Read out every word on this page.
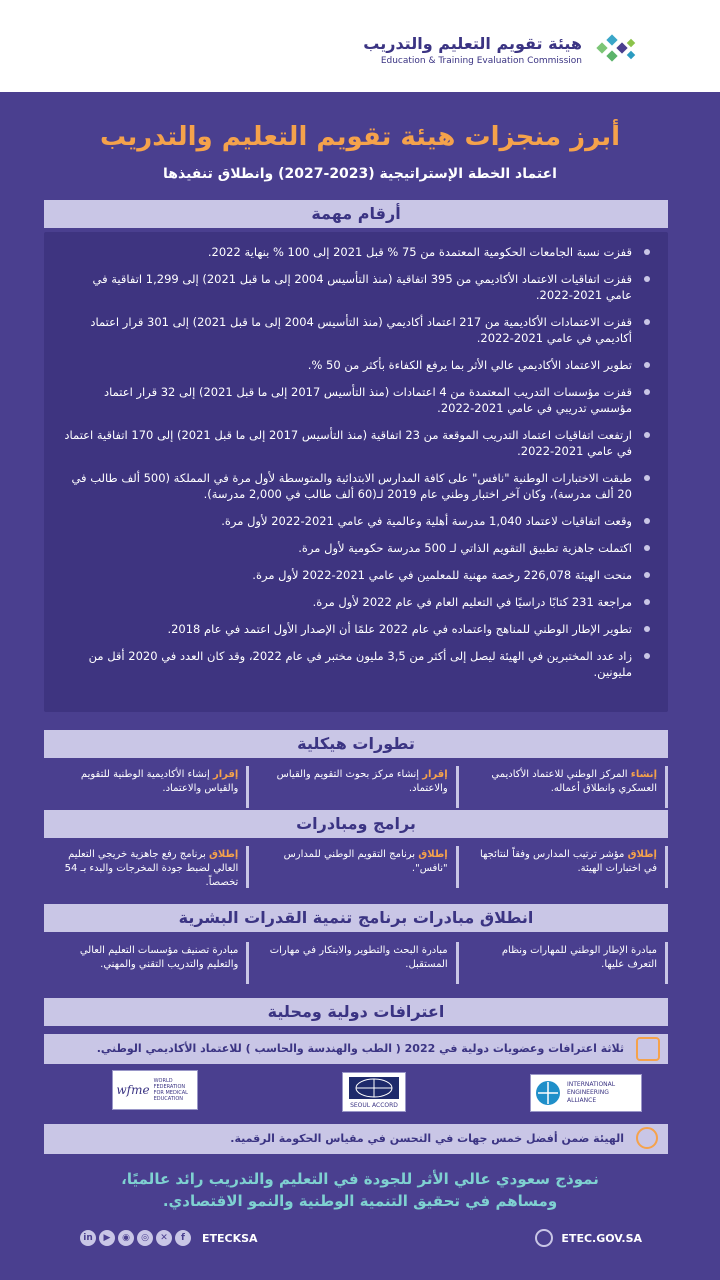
هيئة تقويم التعليم والتدريب
Education & Training Evaluation Commission
أبرز منجزات هيئة تقويم التعليم والتدريب
اعتماد الخطة الإستراتيجية (2023-2027) وانطلاق تنفيذها
أرقام مهمة
قفزت نسبة الجامعات الحكومية المعتمدة من 75 % قبل 2021 إلى 100 % بنهاية 2022.
قفزت اتفاقيات الاعتماد الأكاديمي من 395 اتفاقية (منذ التأسيس 2004 إلى ما قبل 2021) إلى 1,299 اتفاقية في عامي 2021-2022.
قفزت الاعتمادات الأكاديمية من 217 اعتماد أكاديمي (منذ التأسيس 2004 إلى ما قبل 2021) إلى 301 قرار اعتماد أكاديمي في عامي 2021-2022.
تطوير الاعتماد الأكاديمي عالي الأثر بما يرفع الكفاءة بأكثر من 50 %.
قفزت مؤسسات التدريب المعتمدة من 4 اعتمادات (منذ التأسيس 2017 إلى ما قبل 2021) إلى 32 قرار اعتماد مؤسسي تدريبي في عامي 2021-2022.
ارتفعت اتفاقيات اعتماد التدريب الموقعة من 23 اتفاقية (منذ التأسيس 2017 إلى ما قبل 2021) إلى 170 اتفاقية اعتماد في عامي 2021-2022.
طبقت الاختبارات الوطنية "نافس" على كافة المدارس الابتدائية والمتوسطة لأول مرة في المملكة (500 ألف طالب في 20 ألف مدرسة)، وكان آخر اختبار وطني عام 2019 لـ(60 ألف طالب في 2,000 مدرسة).
وقعت اتفاقيات لاعتماد 1,040 مدرسة أهلية وعالمية في عامي 2021-2022 لأول مرة.
اكتملت جاهزية تطبيق التقويم الذاتي لـ 500 مدرسة حكومية لأول مرة.
منحت الهيئة 226,078 رخصة مهنية للمعلمين في عامي 2021-2022 لأول مرة.
مراجعة 231 كتابًا دراسيًا في التعليم العام في عام 2022 لأول مرة.
تطوير الإطار الوطني للمناهج واعتماده في عام 2022 علمًا أن الإصدار الأول اعتمد في عام 2018.
زاد عدد المختبرين في الهيئة ليصل إلى أكثر من 3,5 مليون مختبر في عام 2022، وقد كان العدد في 2020 أقل من مليونين.
تطورات هيكلية
إنشاء المركز الوطني للاعتماد الأكاديمي العسكري وانطلاق أعماله.
إقرار إنشاء مركز بحوث التقويم والقياس والاعتماد.
إقرار إنشاء الأكاديمية الوطنية للتقويم والقياس والاعتماد.
برامج ومبادرات
إطلاق مؤشر ترتيب المدارس وفقاً لنتائجها في اختبارات الهيئة.
إطلاق برنامج التقويم الوطني للمدارس "نافس".
إطلاق برنامج رفع جاهزية خريجي التعليم العالي لضبط جودة المخرجات والبدء بـ 54 تخصصاً.
انطلاق مبادرات برنامج تنمية القدرات البشرية
مبادرة الإطار الوطني للمهارات ونظام التعرف عليها.
مبادرة البحث والتطوير والابتكار في مهارات المستقبل.
مبادرة تصنيف مؤسسات التعليم العالي والتعليم والتدريب التقني والمهني.
اعترافات دولية ومحلية
ثلاثة اعترافات وعضويات دولية في 2022 ( الطب والهندسة والحاسب ) للاعتماد الأكاديمي الوطني.
wfme
WORLD FEDERATION FOR MEDICAL EDUCATION
SEOUL ACCORD
INTERNATIONAL ENGINEERING ALLIANCE
الهيئة ضمن أفضل خمس جهات في التحسن في مقياس الحكومة الرقمية.
نموذج سعودي عالي الأثر للجودة في التعليم والتدريب رائد عالميًا،
ومساهم في تحقيق التنمية الوطنية والنمو الاقتصادي.
in	▶	◉	◎	✕	f	ETECKSA	ETEC.GOV.SA
